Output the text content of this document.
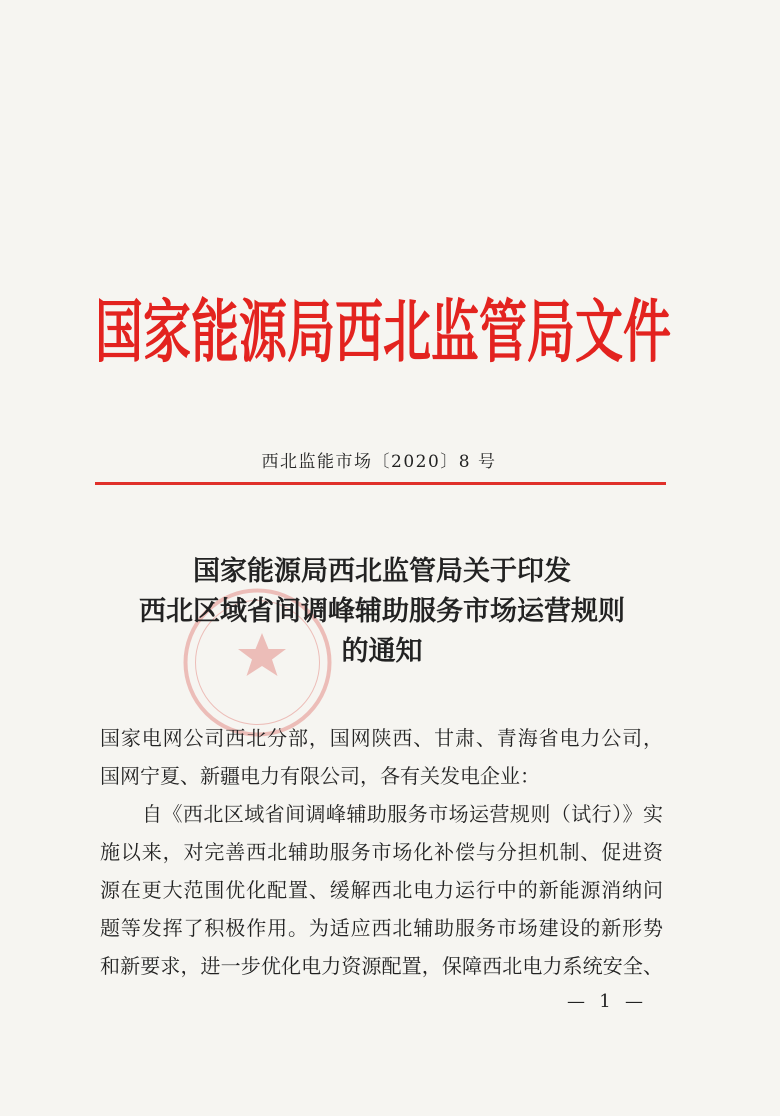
国家能源局西北监管局文件
西北监能市场〔2020〕8 号
国家能源局西北监管局关于印发
西北区域省间调峰辅助服务市场运营规则
的通知
国家电网公司西北分部，国网陕西、甘肃、青海省电力公司，
国网宁夏、新疆电力有限公司，各有关发电企业：
自《西北区域省间调峰辅助服务市场运营规则（试行）》实
施以来，对完善西北辅助服务市场化补偿与分担机制、促进资
源在更大范围优化配置、缓解西北电力运行中的新能源消纳问
题等发挥了积极作用。为适应西北辅助服务市场建设的新形势
和新要求，进一步优化电力资源配置，保障西北电力系统安全、
— 1 —
